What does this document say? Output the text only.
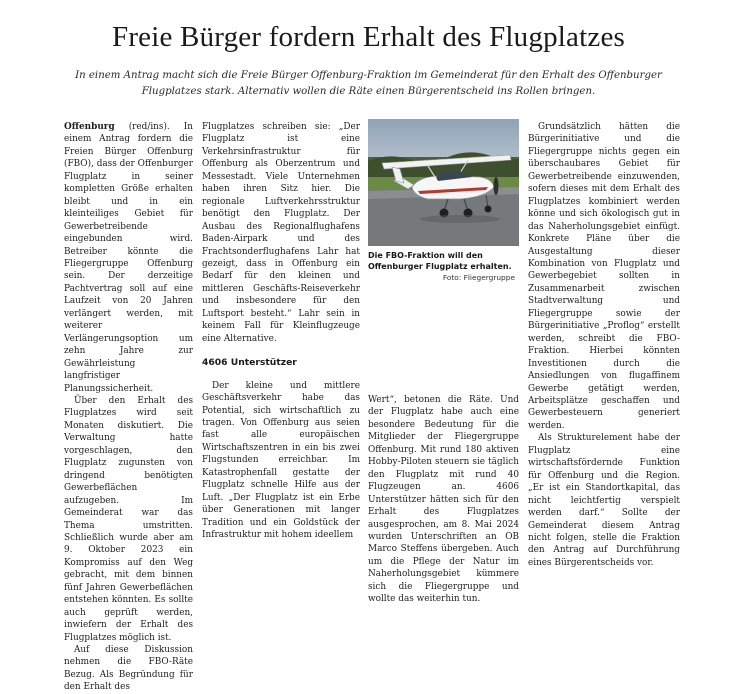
Freie Bürger fordern Erhalt des Flugplatzes

In einem Antrag macht sich die Freie Bürger Offenburg-Fraktion im Gemeinderat für den Erhalt des Offenburger Flugplatzes stark. Alternativ wollen die Räte einen Bürgerentscheid ins Rollen bringen.

Offenburg (red/ins). In einem Antrag fordern die Freien Bürger Offenburg (FBO), dass der Offenburger Flugplatz in seiner kompletten Größe erhalten bleibt und in ein kleinteiliges Gebiet für Gewerbetreibende eingebunden wird. Betreiber könnte die Fliegergruppe Offenburg sein. Der derzeitige Pachtvertrag soll auf eine Laufzeit von 20 Jahren verlängert werden, mit weiterer Verlängerungsoption um zehn Jahre zur Gewährleistung langfristiger Planungssicherheit.

Über den Erhalt des Flugplatzes wird seit Monaten diskutiert. Die Verwaltung hatte vorgeschlagen, den Flugplatz zugunsten von dringend benötigten Gewerbeflächen aufzugeben. Im Gemeinderat war das Thema umstritten. Schließlich wurde aber am 9. Oktober 2023 ein Kompromiss auf den Weg gebracht, mit dem binnen fünf Jahren Gewerbeflächen entstehen könnten. Es sollte auch geprüft werden, inwiefern der Erhalt des Flugplatzes möglich ist.

Auf diese Diskussion nehmen die FBO-Räte Bezug. Als Begründung für den Erhalt des

Flugplatzes schreiben sie: „Der Flugplatz ist eine Verkehrsinfrastruktur für Offenburg als Oberzentrum und Messestadt. Viele Unternehmen haben ihren Sitz hier. Die regionale Luftverkehrsstruktur benötigt den Flugplatz. Der Ausbau des Regionalflughafens Baden-Airpark und des Frachtsonderflughafens Lahr hat gezeigt, dass in Offenburg ein Bedarf für den kleinen und mittleren Geschäfts-Reiseverkehr und insbesondere für den Luftsport besteht.“ Lahr sein in keinem Fall für Kleinflugzeuge eine Alternative.

4606 Unterstützer

Der kleine und mittlere Geschäftsverkehr habe das Potential, sich wirtschaftlich zu tragen. Von Offenburg aus seien fast alle europäischen Wirtschaftszentren in ein bis zwei Flugstunden erreichbar. Im Katastrophenfall gestatte der Flugplatz schnelle Hilfe aus der Luft. „Der Flugplatz ist ein Erbe über Generationen mit langer Tradition und ein Goldstück der Infrastruktur mit hohem ideellem

Die FBO-Fraktion will den Offenburger Flugplatz erhalten.

Foto: Fliegergruppe

Wert“, betonen die Räte. Und der Flugplatz habe auch eine besondere Bedeutung für die Mitglieder der Fliegergruppe Offenburg. Mit rund 180 aktiven Hobby-Piloten steuern sie täglich den Flugplatz mit rund 40 Flugzeugen an. 4606 Unterstützer hätten sich für den Erhalt des Flugplatzes ausgesprochen, am 8. Mai 2024 wurden Unterschriften an OB Marco Steffens übergeben. Auch um die Pflege der Natur im Naherholungsgebiet kümmere sich die Fliegergruppe und wollte das weiterhin tun.

Grundsätzlich hätten die Bürgerinitiative und die Fliegergruppe nichts gegen ein überschaubares Gebiet für Gewerbetreibende einzuwenden, sofern dieses mit dem Erhalt des Flugplatzes kombiniert werden könne und sich ökologisch gut in das Naherholungsgebiet einfügt. Konkrete Pläne über die Ausgestaltung dieser Kombination von Flugplatz und Gewerbegebiet sollten in Zusammenarbeit zwischen Stadtverwaltung und Fliegergruppe sowie der Bürgerinitiative „Proflog“ erstellt werden, schreibt die FBO-Fraktion. Hierbei könnten Investitionen durch die Ansiedlungen von flugaffinem Gewerbe getätigt werden, Arbeitsplätze geschaffen und Gewerbesteuern generiert werden.

Als Strukturelement habe der Flugplatz eine wirtschaftsfördernde Funktion für Offenburg und die Region. „Er ist ein Standortkapital, das nicht leichtfertig verspielt werden darf.“ Sollte der Gemeinderat diesem Antrag nicht folgen, stelle die Fraktion den Antrag auf Durchführung eines Bürgerentscheids vor.
